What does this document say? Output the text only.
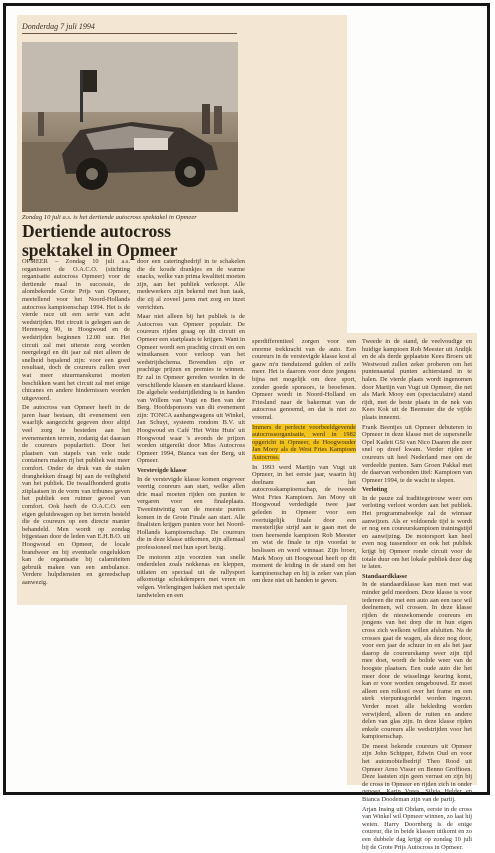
Donderdag 7 juli 1994
Zondag 10 juli a.s. is het dertiende autocross spektakel in Opmeer
Dertiende autocross spektakel in Opmeer

OPMEER – Zondag 10 juli a.s. organiseert de O.A.C.O. (stichting organisatie autocross Opmeer) voor de dertiende maal in successie, de alombekende Grote Prijs van Opmeer, meetellend voor het Noord-Hollands autocross kampioenschap 1994. Het is de vierde race uit een serie van acht wedstrijden. Het circuit is gelegen aan de Herenweg 90, te Hoogwoud en de wedstrijden beginnen 12.00 uur. Het circuit zal met uiterste zorg worden neergelegd en dit jaar zal niet alleen de snelheid bepalend zijn: voor een goed resultaat, doch de coureurs zullen over wat meer stuurmanskunst moeten beschikken want het circuit zal met enige chicanes en andere hindernissen worden uitgevoerd.

De autocross van Opmeer heeft in de jaren haar bestaan, dit evenement een waarlijk aangezicht gegeven door altijd veel zorg te besteden aan het evenementen terrein, zodanig dat daaraan de coureurs populariteit. Door het plaatsen van stapels van vele oude containers maken rij het publiek wat meer comfort. Onder de druk van de stalen dranghekken draagt bij aan de veiligheid van het publiek. De twaalfhonderd gratis zitplaatsen in de vorm van tribunes geven het publiek een ruimer gevoel van comfort. Ook heeft de O.A.C.O. een eigen geluidswagen op het terrein besteld die de coureurs op een directe manier behandeld. Men wordt op zondag bijgestaan door de leden van E.H.B.O. uit Hoogwoud en Opmeer, de locale brandweer en bij eventuele ongelukken kan de organisatie bij calamiteiten gebruik maken van een ambulance. Verdere hulpdiensten en gereedschap aanwezig.

door een cateringbedrijf in te schakelen die de koude drankjes en de warme snacks, welke van prima kwaliteit moeten zijn, aan het publiek verkoopt. Alle medewerkers zijn bekend met hun taak, die zij al zoveel jaren met zorg en inzet verrichten.

Maar niet alleen bij het publiek is de Autocross van Opmeer populair. De coureurs rijden graag op dit circuit en Opmeer een startplaats te krijgen. Want in Opmeer wordt een prachtig circuit en een winstkansen voor verloop van het wedstrijdschema. Bovendien zijn er prachtige prijzen en premies te winnen. Er zal in Opmeer gereden worden in de verschillende klassen en standaard klasse. De algehele wedstrijdleiding is in handen van Willem van Vugt en Ben van der Berg. Hoofdsponsors van dit evenement zijn: TONCA aanhangwagens uit Winkel, Jan Schuyt, systeem rondom B.V. uit Hoogwoud en Café 'Het Witte Huis' uit Hoogwoud waar 's avonds de prijzen worden uitgereikt door Miss Autocross Opmeer 1994, Bianca van der Berg, uit Opmeer.

Verstevigde klasse

In de verstevigde klasse komen ongeveer veertig coureurs aan start, welke allen drie maal moeten rijden om punten te vergaren voor een finaleplaats. Tweeëntwintig van de meeste punten komen in de Grote Finale aan start. Alle finalisten krijgen punten voor het Noord-Hollands kampioenschap. De coureurs die in deze klasse uitkomen, zijn allemaal professioneel met hun sport bezig.

De motoren zijn voorzien van snelle onderdelen zoals nokkenas en kleppen, uitlaten en speciaal uit de rallysport afkomstige schokdempers met veren en velgen. Verlengingen bakken met speciale tandwielen en een

sperdifferentieel zorgen voor een enorme trekkracht van de auto. Een coureurs in de verstevigde klasse kost al gauw m'n tienduizend gulden of zelfs meer. Het is daarom voor deze jongens bijna net mogelijk om deze sport, zonder goede sponsors, te beoefenen. Opmeer wordt in Noord-Holland en Friesland naar de bakermat van de autocross genoemd, en dat is niet zo vreemd.

Immers de perfecte voorbeeldgevende autocrossorganisatie, werd in 1982 opgericht in Opmeer, de Hoogwouder Jan Mooy als de West Fries Kampioen Autocross.

In 1993 werd Martijn van Vugt uit Opmeer, in het eerste jaar, waarin hij deelnam aan het autocrosskampioenschap, de tweede West Fries Kampioen. Jan Mooy uit Hoogwoud verdedigde twee jaar geleden in Opmeer voor een overtuigelijk finale door een meesterlijke strijd aan te gaan met de toen heersende kampioen Rob Meester en wist de finale te rijn voordat te beslissen en werd winnaar. Zijn broer, Mark Mooy uit Hoogwoud heeft op dit moment de leiding in de stand om het kampioenschap en hij is zeker van plan om deze niet uit handen te geven.

Tweede in de stand, de veelvoudige en huidige kampioen Rob Meester uit Andijk en de als derde geplaatste Kees Broers uit Westwoud zullen zeker proberen om het puntenaantal punten achterstand in te halen. De vierde plaats wordt ingenomen door Martijn van Vugt uit Opmeer, die net als Mark Mooy een (spectaculaire) stand rijdt, met de beste plaats in de nek van Kees Kok uit de Beemster die de vijfde plaats inneemt.

Frank Beentjes uit Opmeer debuteren in Opmeer in deze klasse met de supersnelle Opel Kadett GSi van Nico Daaren die zeer snel op dreef kwam. Verder rijden er coureurs uit heel Nederland mee om de verdeelde punten. Sam Groen Pakkal met de daarvan verbonden titel: Kampioen van Opmeer 1994, te de wacht te slepen.

Verloting

In de pauze zal traditiegetrouw weer een verloting verloot worden aan het publiek. Het programmaboekje zal de winnaar aanwijzen. Als er voldoende tijd is wordt er nog een coureurskampioen trainingstijd en aanwijzing. De motorsport kan heel even nog tussendoor en ook het publiek krijgt bij Opmeer ronde circuit voor de totale duur om het lokale publiek deze dag te laten.

Standaardklasse

In de standaardklasse kan men met wat minder geld meedoen. Deze klasse is voor iedereen die met een auto aan een race wil deelnemen, wil crossen. In deze klasse rijden de nieuwkomende coureurs en jongens van het dorp die in hun eigen cross zich welkom willen afsluiten. Na de crosses gaat de wagen, als deze nog door, voor een jaar de schuur in en als het jaar daarop de coureurskamp weer zijn tijd mee doet, wordt de bolide weer van de hoogste plaatsen. Een oude auto die het meer door de wisselinge keuring komt, kan er voor worden omgebouwd. Er moet alleen een rolkooi over het frame en een sterk vierpuntsgordel worden ingezet. Verder moet alle bekleding worden verwijderd, alleen de ruiten en andere delen van glas zijn. In deze klasse rijden enkele coureurs alle wedstrijden voor het kampioenschap.

De meest bekende coureurs uit Opmeer zijn John Schipper, Edwin Oud en voor het automobielbedrijf Theo Rood uit Opmeer Arno Visser en Benno Groffioen. Deze laatsten zijn geen verrast en zijn bij de cross in Opmeer en rijden zich in onder genoeg. Karin Vrees, Silvia Helder en Bianca Doodeman zijn van de partij.

Arjan Insing uit Obdam, eerste in de cross van Winkel wil Opmeer winnen, zo laat hij weten. Harry Doornberg is de enige coureur, die in beide klassen uitkomt en zo een dubbele dag krijgt op zondag 10 juli bij de Grote Prijs Autocross in Opmeer.
